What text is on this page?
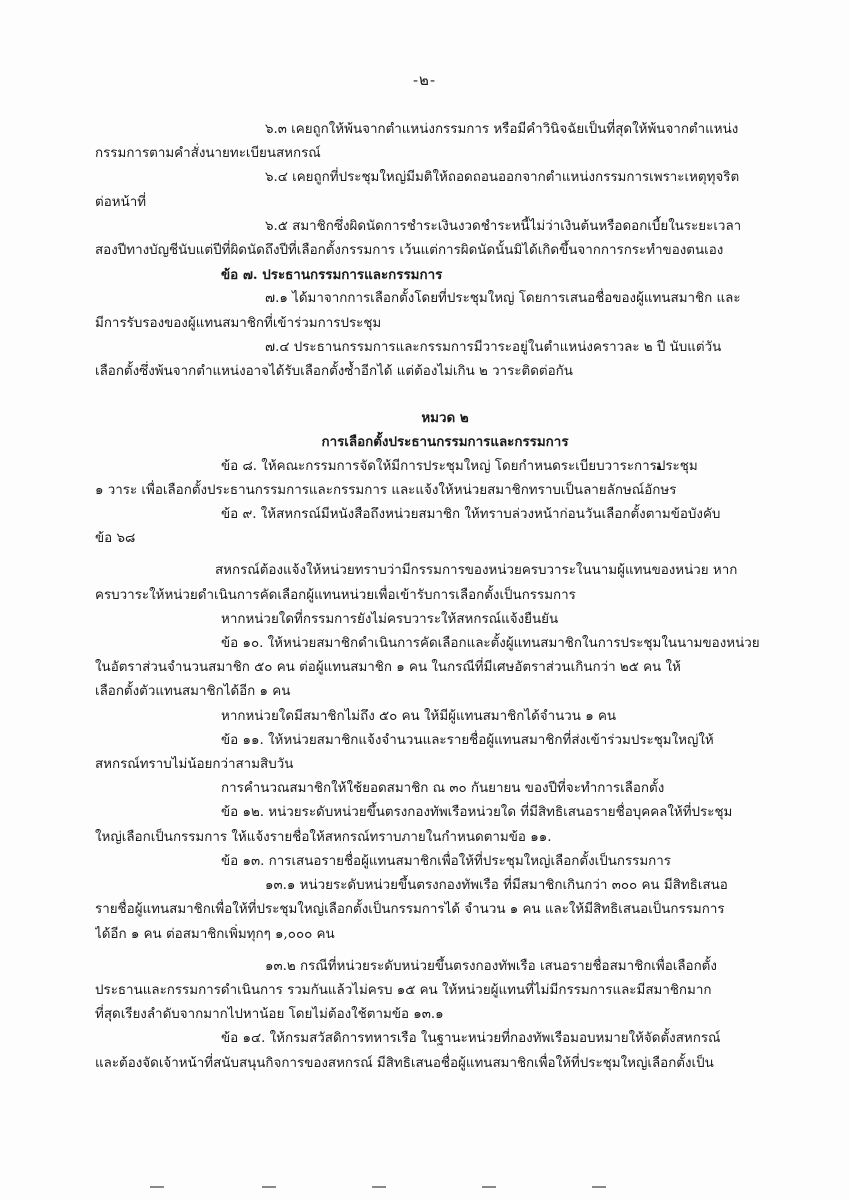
-๒-

๖.๓ เคยถูกให้พ้นจากตำแหน่งกรรมการ หรือมีคำวินิจฉัยเป็นที่สุดให้พ้นจากตำแหน่ง

กรรมการตามคำสั่งนายทะเบียนสหกรณ์

๖.๔ เคยถูกที่ประชุมใหญ่มีมติให้ถอดถอนออกจากตำแหน่งกรรมการเพราะเหตุทุจริต

ต่อหน้าที่

๖.๕ สมาชิกซึ่งผิดนัดการชำระเงินงวดชำระหนี้ไม่ว่าเงินต้นหรือดอกเบี้ยในระยะเวลา

สองปีทางบัญชีนับแต่ปีที่ผิดนัดถึงปีที่เลือกตั้งกรรมการ เว้นแต่การผิดนัดนั้นมิได้เกิดขึ้นจากการกระทำของตนเอง

ข้อ ๗. ประธานกรรมการและกรรมการ

๗.๑ ได้มาจากการเลือกตั้งโดยที่ประชุมใหญ่ โดยการเสนอชื่อของผู้แทนสมาชิก และ

มีการรับรองของผู้แทนสมาชิกที่เข้าร่วมการประชุม

๗.๔ ประธานกรรมการและกรรมการมีวาระอยู่ในตำแหน่งคราวละ ๒ ปี นับแต่วัน

เลือกตั้งซึ่งพ้นจากตำแหน่งอาจได้รับเลือกตั้งซ้ำอีกได้ แต่ต้องไม่เกิน ๒ วาระติดต่อกัน

หมวด ๒

การเลือกตั้งประธานกรรมการและกรรมการ

ข้อ ๘. ให้คณะกรรมการจัดให้มีการประชุมใหญ่ โดยกำหนดระเบียบวาระการประชุม

๑ วาระ เพื่อเลือกตั้งประธานกรรมการและกรรมการ และแจ้งให้หน่วยสมาชิกทราบเป็นลายลักษณ์อักษร

ข้อ ๙. ให้สหกรณ์มีหนังสือถึงหน่วยสมาชิก ให้ทราบล่วงหน้าก่อนวันเลือกตั้งตามข้อบังคับ

ข้อ ๖๘

สหกรณ์ต้องแจ้งให้หน่วยทราบว่ามีกรรมการของหน่วยครบวาระในนามผู้แทนของหน่วย หาก

ครบวาระให้หน่วยดำเนินการคัดเลือกผู้แทนหน่วยเพื่อเข้ารับการเลือกตั้งเป็นกรรมการ

หากหน่วยใดที่กรรมการยังไม่ครบวาระให้สหกรณ์แจ้งยืนยัน

ข้อ ๑๐. ให้หน่วยสมาชิกดำเนินการคัดเลือกและตั้งผู้แทนสมาชิกในการประชุมในนามของหน่วย

ในอัตราส่วนจำนวนสมาชิก ๕๐ คน ต่อผู้แทนสมาชิก ๑ คน ในกรณีที่มีเศษอัตราส่วนเกินกว่า ๒๕ คน ให้

เลือกตั้งตัวแทนสมาชิกได้อีก ๑ คน

หากหน่วยใดมีสมาชิกไม่ถึง ๕๐ คน ให้มีผู้แทนสมาชิกได้จำนวน ๑ คน

ข้อ ๑๑. ให้หน่วยสมาชิกแจ้งจำนวนและรายชื่อผู้แทนสมาชิกที่ส่งเข้าร่วมประชุมใหญ่ให้

สหกรณ์ทราบไม่น้อยกว่าสามสิบวัน

การคำนวณสมาชิกให้ใช้ยอดสมาชิก ณ ๓๐ กันยายน ของปีที่จะทำการเลือกตั้ง

ข้อ ๑๒. หน่วยระดับหน่วยขึ้นตรงกองทัพเรือหน่วยใด ที่มีสิทธิเสนอรายชื่อบุคคลให้ที่ประชุม

ใหญ่เลือกเป็นกรรมการ ให้แจ้งรายชื่อให้สหกรณ์ทราบภายในกำหนดตามข้อ ๑๑.

ข้อ ๑๓. การเสนอรายชื่อผู้แทนสมาชิกเพื่อให้ที่ประชุมใหญ่เลือกตั้งเป็นกรรมการ

๑๓.๑ หน่วยระดับหน่วยขึ้นตรงกองทัพเรือ ที่มีสมาชิกเกินกว่า ๓๐๐ คน มีสิทธิเสนอ

รายชื่อผู้แทนสมาชิกเพื่อให้ที่ประชุมใหญ่เลือกตั้งเป็นกรรมการได้ จำนวน ๑ คน และให้มีสิทธิเสนอเป็นกรรมการ

ได้อีก ๑ คน ต่อสมาชิกเพิ่มทุกๆ ๑,๐๐๐ คน

๑๓.๒ กรณีที่หน่วยระดับหน่วยขึ้นตรงกองทัพเรือ เสนอรายชื่อสมาชิกเพื่อเลือกตั้ง

ประธานและกรรมการดำเนินการ รวมกันแล้วไม่ครบ ๑๕ คน ให้หน่วยผู้แทนที่ไม่มีกรรมการและมีสมาชิกมาก

ที่สุดเรียงลำดับจากมากไปหาน้อย โดยไม่ต้องใช้ตามข้อ ๑๓.๑

ข้อ ๑๔. ให้กรมสวัสดิการทหารเรือ ในฐานะหน่วยที่กองทัพเรือมอบหมายให้จัดตั้งสหกรณ์

และต้องจัดเจ้าหน้าที่สนับสนุนกิจการของสหกรณ์ มีสิทธิเสนอชื่อผู้แทนสมาชิกเพื่อให้ที่ประชุมใหญ่เลือกตั้งเป็น
